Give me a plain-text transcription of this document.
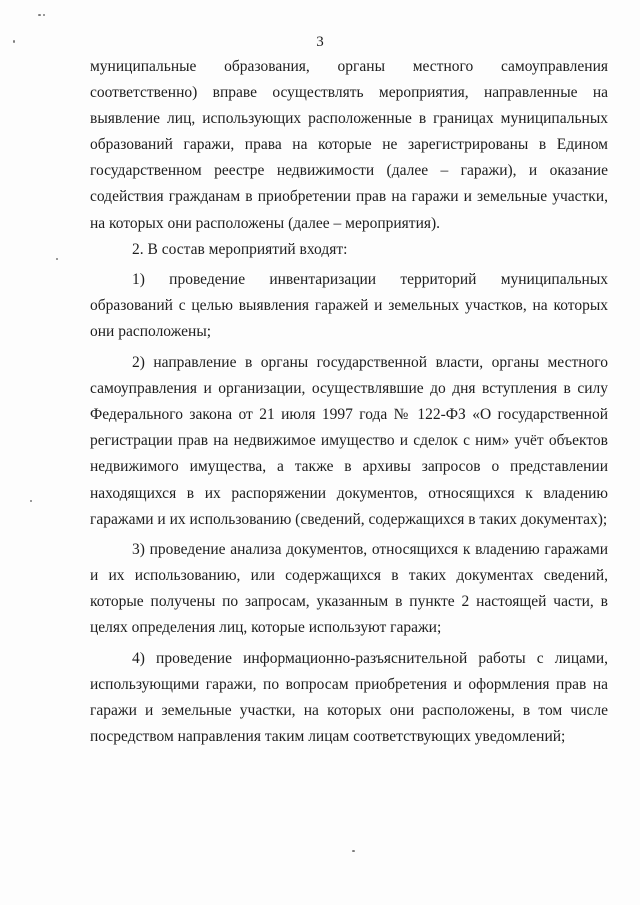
3

муниципальные образования, органы местного самоуправления соответственно) вправе осуществлять мероприятия, направленные на выявление лиц, использующих расположенные в границах муниципальных образований гаражи, права на которые не зарегистрированы в Едином государственном реестре недвижимости (далее – гаражи), и оказание содействия гражданам в приобретении прав на гаражи и земельные участки, на которых они расположены (далее – мероприятия).

2. В состав мероприятий входят:

1) проведение инвентаризации территорий муниципальных образований с целью выявления гаражей и земельных участков, на которых они расположены;

2) направление в органы государственной власти, органы местного самоуправления и организации, осуществлявшие до дня вступления в силу Федерального закона от 21 июля 1997 года № 122-ФЗ «О государственной регистрации прав на недвижимое имущество и сделок с ним» учёт объектов недвижимого имущества, а также в архивы запросов о представлении находящихся в их распоряжении документов, относящихся к владению гаражами и их использованию (сведений, содержащихся в таких документах);

3) проведение анализа документов, относящихся к владению гаражами и их использованию, или содержащихся в таких документах сведений, которые получены по запросам, указанным в пункте 2 настоящей части, в целях определения лиц, которые используют гаражи;

4) проведение информационно-разъяснительной работы с лицами, использующими гаражи, по вопросам приобретения и оформления прав на гаражи и земельные участки, на которых они расположены, в том числе посредством направления таким лицам соответствующих уведомлений;
